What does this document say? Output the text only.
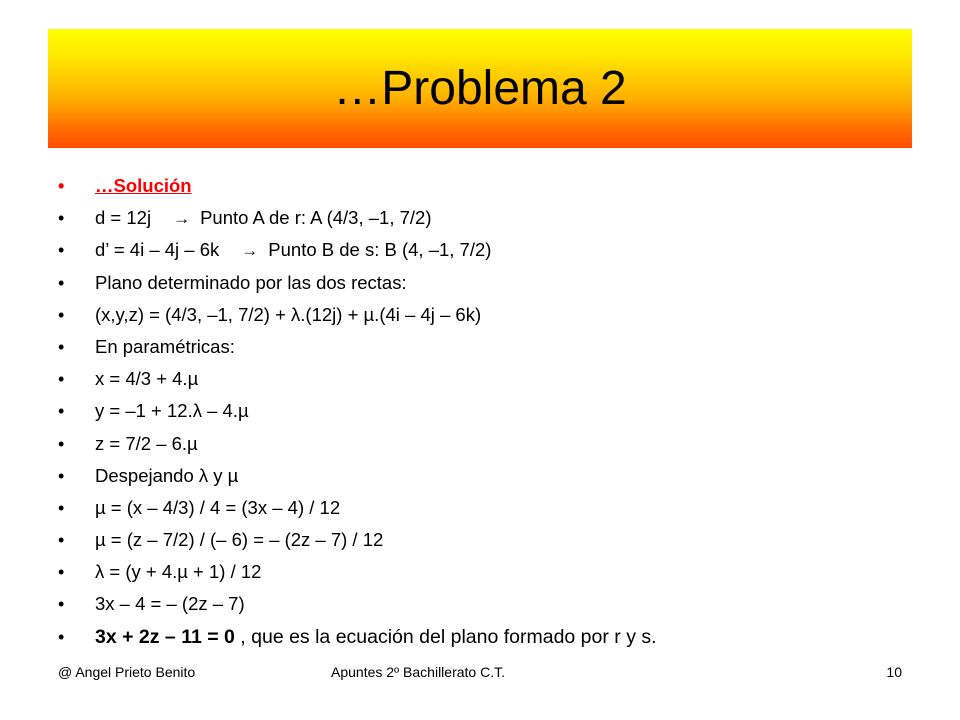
…Problema 2
• …Solución
• d = 12j → Punto A de r: A (4/3, –1, 7/2)
• d’ = 4i – 4j – 6k → Punto B de s: B (4, –1, 7/2)
• Plano determinado por las dos rectas:
• (x,y,z) = (4/3, –1, 7/2) + λ.(12j) + µ.(4i – 4j – 6k)
• En paramétricas:
• x = 4/3 + 4.µ
• y = –1 + 12.λ – 4.µ
• z = 7/2 – 6.µ
• Despejando λ y µ
• µ = (x – 4/3) / 4 = (3x – 4) / 12
• µ = (z – 7/2) / (– 6) = – (2z – 7) / 12
• λ = (y + 4.µ + 1) / 12
• 3x – 4 = – (2z – 7)
• 3x + 2z – 11 = 0 , que es la ecuación del plano formado por r y s.
@ Angel Prieto Benito	Apuntes 2º Bachillerato C.T.	10
